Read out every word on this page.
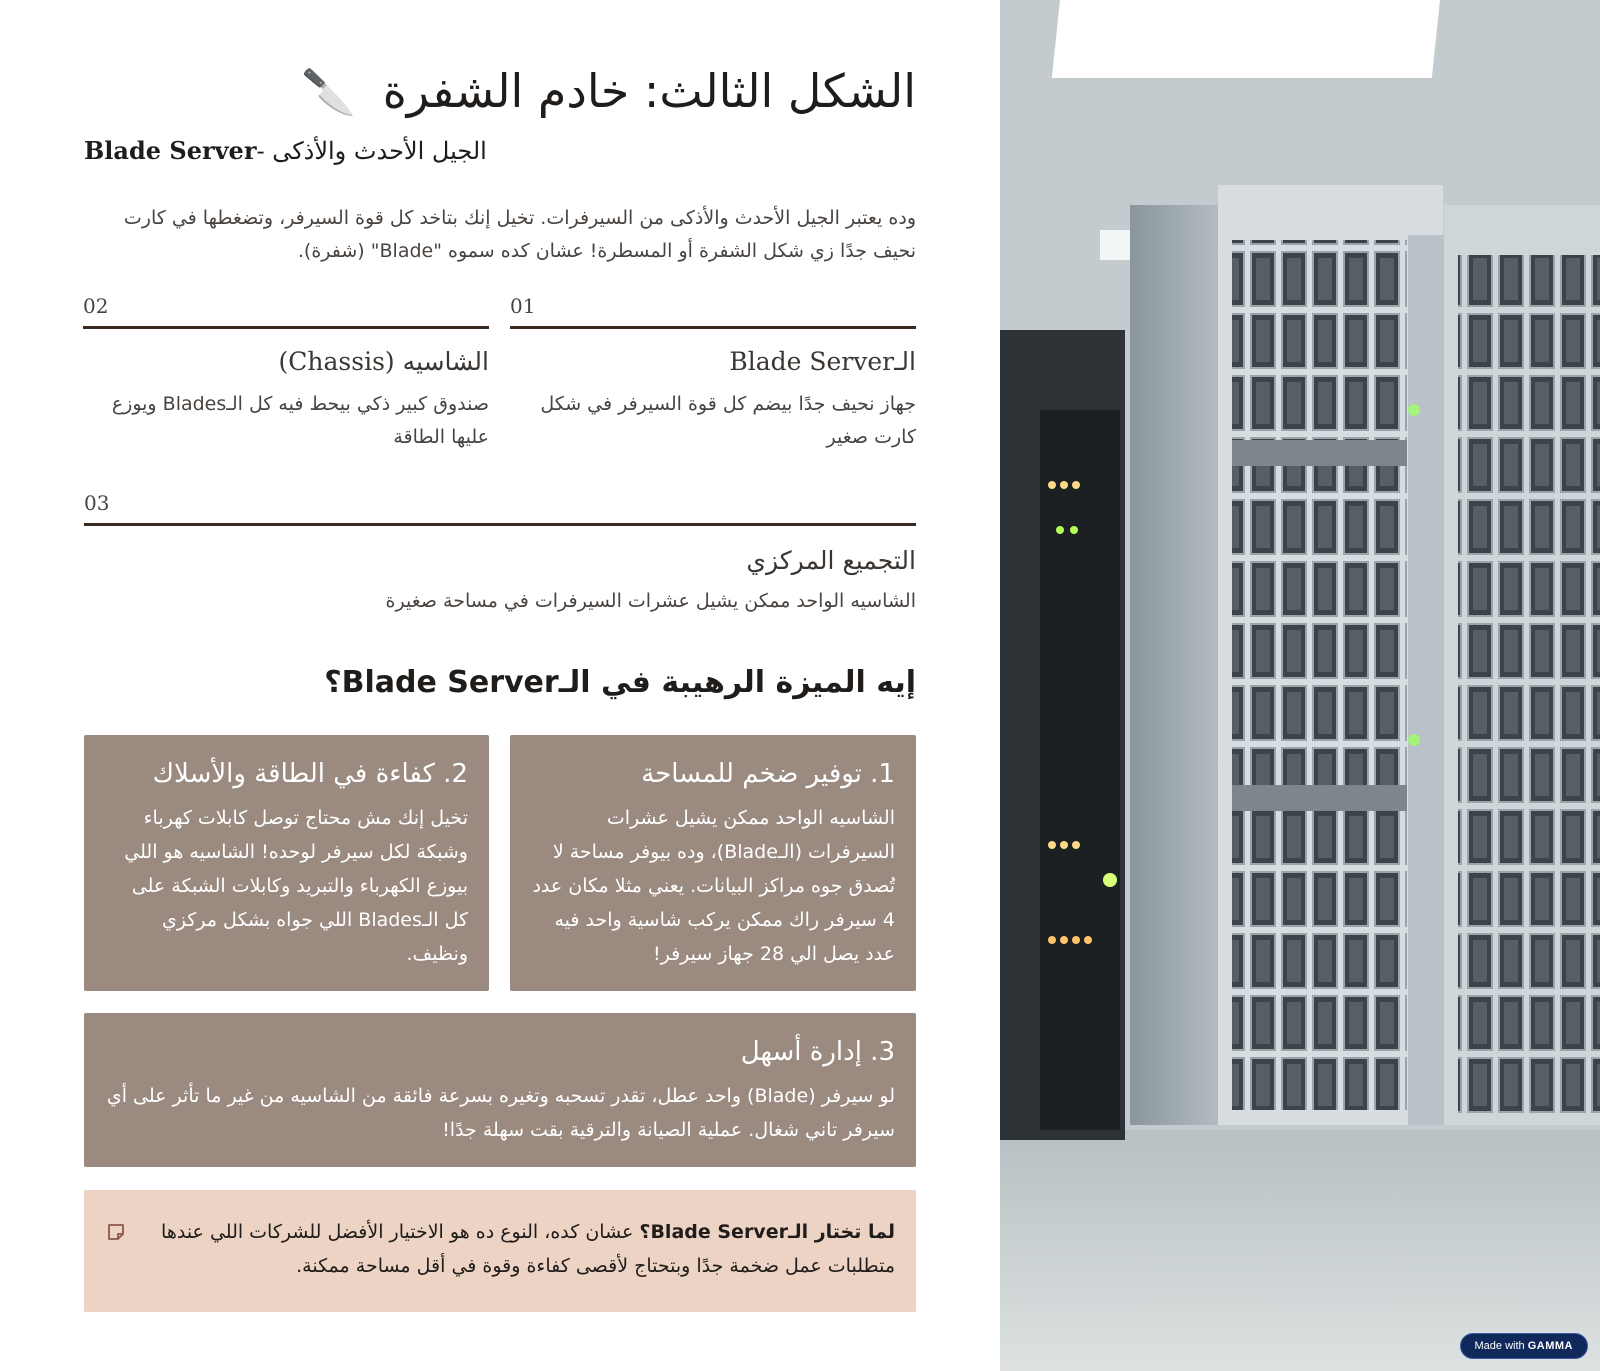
الشكل الثالث: خادم الشفرة 🔪
الجيل الأحدث والأذكى -Blade Server

وده يعتبر الجيل الأحدث والأذكى من السيرفرات. تخيل إنك بتاخد كل قوة السيرفر، وتضغطها في كارت نحيف جدًا زي شكل الشفرة أو المسطرة! عشان كده سموه "Blade" (شفرة).

01
الـBlade Server
جهاز نحيف جدًا بيضم كل قوة السيرفر في شكل كارت صغير
02
الشاسيه (Chassis)
صندوق كبير ذكي بيحط فيه كل الـBlades ويوزع عليها الطاقة
03
التجميع المركزي
الشاسيه الواحد ممكن يشيل عشرات السيرفرات في مساحة صغيرة
إيه الميزة الرهيبة في الـBlade Server؟
1. توفير ضخم للمساحة
الشاسيه الواحد ممكن يشيل عشرات السيرفرات (الـBlade)، وده بيوفر مساحة لا تُصدق جوه مراكز البيانات. يعني مثلا مكان عدد 4 سيرفر راك ممكن يركب شاسية واحد فيه عدد يصل الي 28 جهاز سيرفر!
2. كفاءة في الطاقة والأسلاك
تخيل إنك مش محتاج توصل كابلات كهرباء وشبكة لكل سيرفر لوحده! الشاسيه هو اللي بيوزع الكهرباء والتبريد وكابلات الشبكة على كل الـBlades اللي جواه بشكل مركزي ونظيف.
3. إدارة أسهل
لو سيرفر (Blade) واحد عطل، تقدر تسحبه وتغيره بسرعة فائقة من الشاسيه من غير ما تأثر على أي سيرفر تاني شغال. عملية الصيانة والترقية بقت سهلة جدًا!

لما تختار الـBlade Server؟ عشان كده، النوع ده هو الاختيار الأفضل للشركات اللي عندها متطلبات عمل ضخمة جدًا وبتحتاج لأقصى كفاءة وقوة في أقل مساحة ممكنة.

Made with GAMMA
